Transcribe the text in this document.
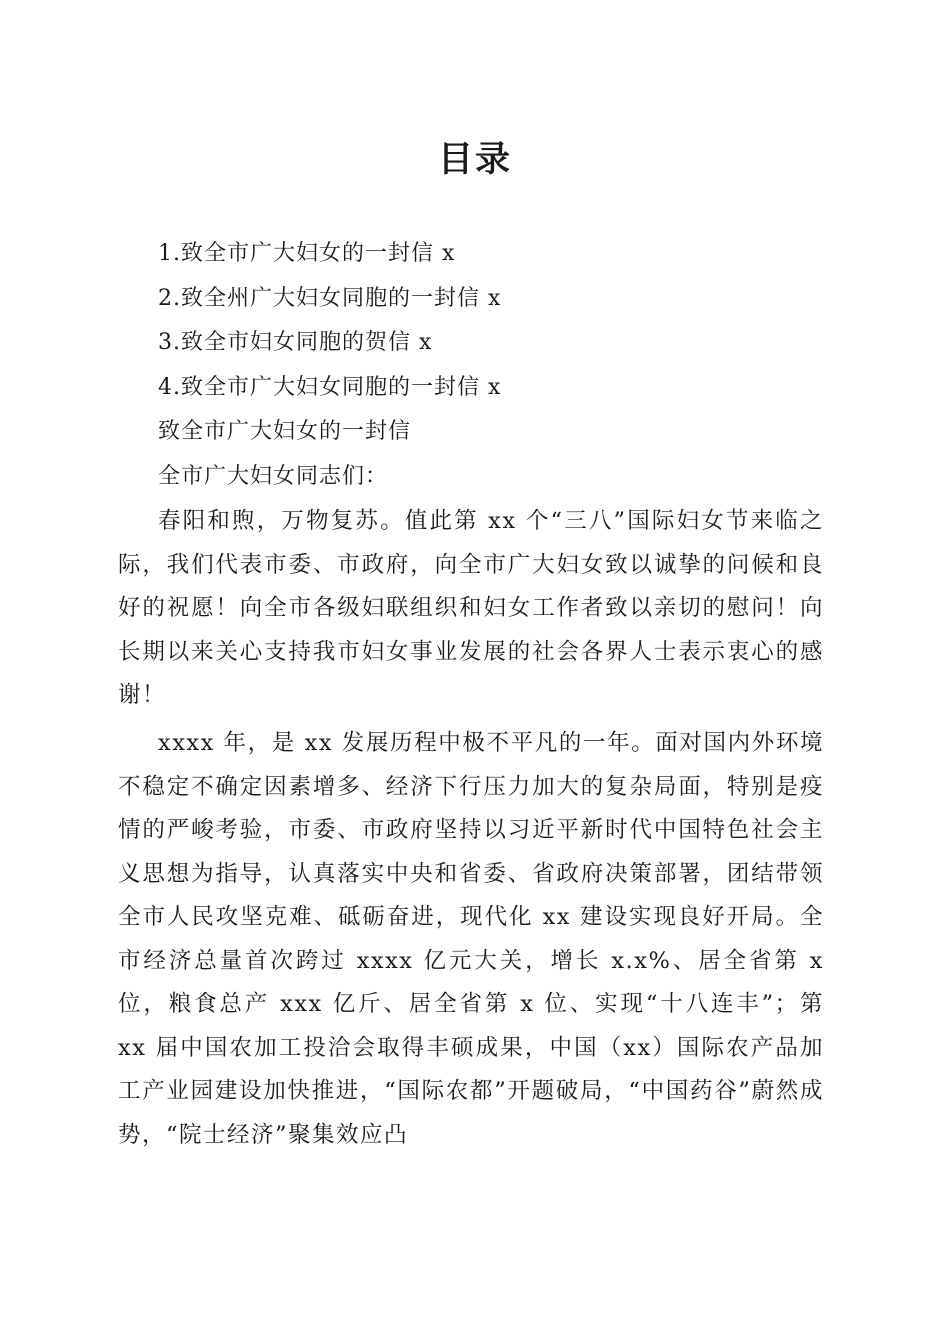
目录
1.致全市广大妇女的一封信 x
2.致全州广大妇女同胞的一封信 x
3.致全市妇女同胞的贺信 x
4.致全市广大妇女同胞的一封信 x
致全市广大妇女的一封信
全市广大妇女同志们：

春阳和煦，万物复苏。值此第 xx 个“三八”国际妇女节来临之际，我们代表市委、市政府，向全市广大妇女致以诚挚的问候和良好的祝愿！向全市各级妇联组织和妇女工作者致以亲切的慰问！向长期以来关心支持我市妇女事业发展的社会各界人士表示衷心的感谢！

xxxx 年，是 xx 发展历程中极不平凡的一年。面对国内外环境不稳定不确定因素增多、经济下行压力加大的复杂局面，特别是疫情的严峻考验，市委、市政府坚持以习近平新时代中国特色社会主义思想为指导，认真落实中央和省委、省政府决策部署，团结带领全市人民攻坚克难、砥砺奋进，现代化 xx 建设实现良好开局。全市经济总量首次跨过 xxxx 亿元大关，增长 x.x%、居全省第 x 位，粮食总产 xxx 亿斤、居全省第 x 位、实现“十八连丰”；第 xx 届中国农加工投洽会取得丰硕成果，中国（xx）国际农产品加工产业园建设加快推进，“国际农都”开题破局，“中国药谷”蔚然成势，“院士经济”聚集效应凸
